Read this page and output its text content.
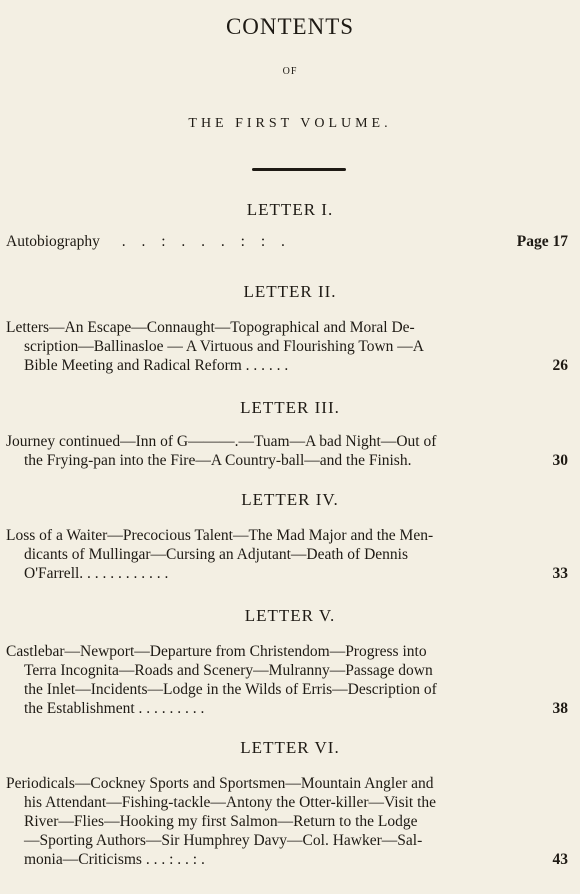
CONTENTS
OF
THE FIRST VOLUME.
LETTER I.
Autobiography . . : . . . : : .	Page 17
LETTER II.
Letters—An Escape—Connaught—Topographical and Moral De-
scription—Ballinasloe — A Virtuous and Flourishing Town —A
Bible Meeting and Radical Reform . . . . . .	26
LETTER III.
Journey continued—Inn of G———.—Tuam—A bad Night—Out of
the Frying-pan into the Fire—A Country-ball—and the Finish.	30
LETTER IV.
Loss of a Waiter—Precocious Talent—The Mad Major and the Men-
dicants of Mullingar—Cursing an Adjutant—Death of Dennis
O'Farrell. . . . . . . . . . . .	33
LETTER V.
Castlebar—Newport—Departure from Christendom—Progress into
Terra Incognita—Roads and Scenery—Mulranny—Passage down
the Inlet—Incidents—Lodge in the Wilds of Erris—Description of
the Establishment . . . . . . . . .	38
LETTER VI.
Periodicals—Cockney Sports and Sportsmen—Mountain Angler and
his Attendant—Fishing-tackle—Antony the Otter-killer—Visit the
River—Flies—Hooking my first Salmon—Return to the Lodge
—Sporting Authors—Sir Humphrey Davy—Col. Hawker—Sal-
monia—Criticisms . . . : . . : .	43
